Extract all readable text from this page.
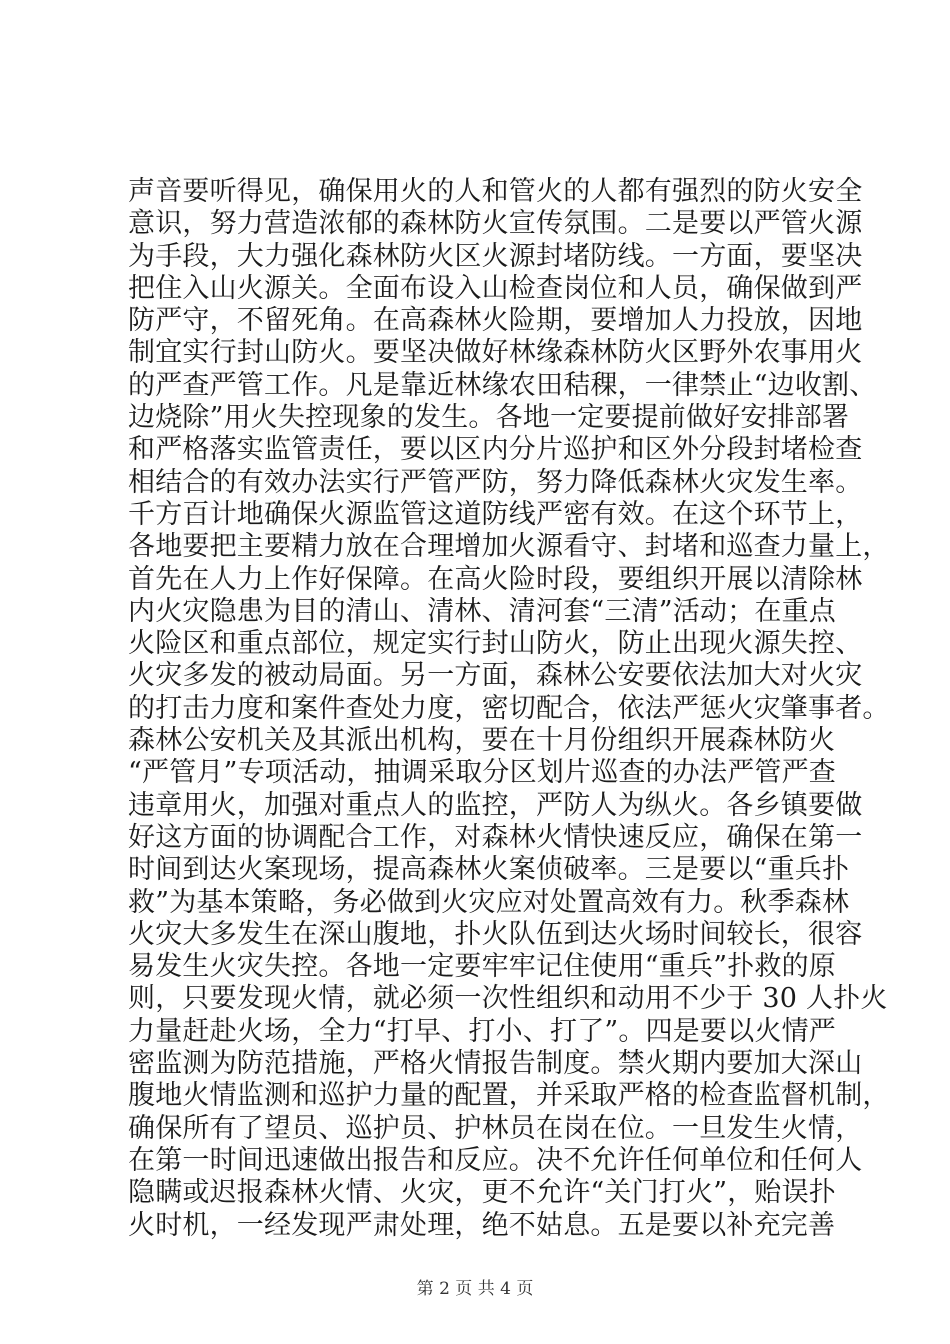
声音要听得见，确保用火的人和管火的人都有强烈的防火安全
意识，努力营造浓郁的森林防火宣传氛围。二是要以严管火源
为手段，大力强化森林防火区火源封堵防线。一方面，要坚决
把住入山火源关。全面布设入山检查岗位和人员，确保做到严
防严守，不留死角。在高森林火险期，要增加人力投放，因地
制宜实行封山防火。要坚决做好林缘森林防火区野外农事用火
的严查严管工作。凡是靠近林缘农田秸稞，一律禁止“边收割、
边烧除”用火失控现象的发生。各地一定要提前做好安排部署
和严格落实监管责任，要以区内分片巡护和区外分段封堵检查
相结合的有效办法实行严管严防，努力降低森林火灾发生率。
千方百计地确保火源监管这道防线严密有效。在这个环节上，
各地要把主要精力放在合理增加火源看守、封堵和巡查力量上，
首先在人力上作好保障。在高火险时段，要组织开展以清除林
内火灾隐患为目的清山、清林、清河套“三清”活动；在重点
火险区和重点部位，规定实行封山防火，防止出现火源失控、
火灾多发的被动局面。另一方面，森林公安要依法加大对火灾
的打击力度和案件查处力度，密切配合，依法严惩火灾肇事者。
森林公安机关及其派出机构，要在十月份组织开展森林防火
“严管月”专项活动，抽调采取分区划片巡查的办法严管严查
违章用火，加强对重点人的监控，严防人为纵火。各乡镇要做
好这方面的协调配合工作，对森林火情快速反应，确保在第一
时间到达火案现场，提高森林火案侦破率。三是要以“重兵扑
救”为基本策略，务必做到火灾应对处置高效有力。秋季森林
火灾大多发生在深山腹地，扑火队伍到达火场时间较长，很容
易发生火灾失控。各地一定要牢牢记住使用“重兵”扑救的原
则，只要发现火情，就必须一次性组织和动用不少于 30 人扑火
力量赶赴火场，全力“打早、打小、打了”。四是要以火情严
密监测为防范措施，严格火情报告制度。禁火期内要加大深山
腹地火情监测和巡护力量的配置，并采取严格的检查监督机制，
确保所有了望员、巡护员、护林员在岗在位。一旦发生火情，
在第一时间迅速做出报告和反应。决不允许任何单位和任何人
隐瞒或迟报森林火情、火灾，更不允许“关门打火”，贻误扑
火时机，一经发现严肃处理，绝不姑息。五是要以补充完善
第 2 页 共 4 页
